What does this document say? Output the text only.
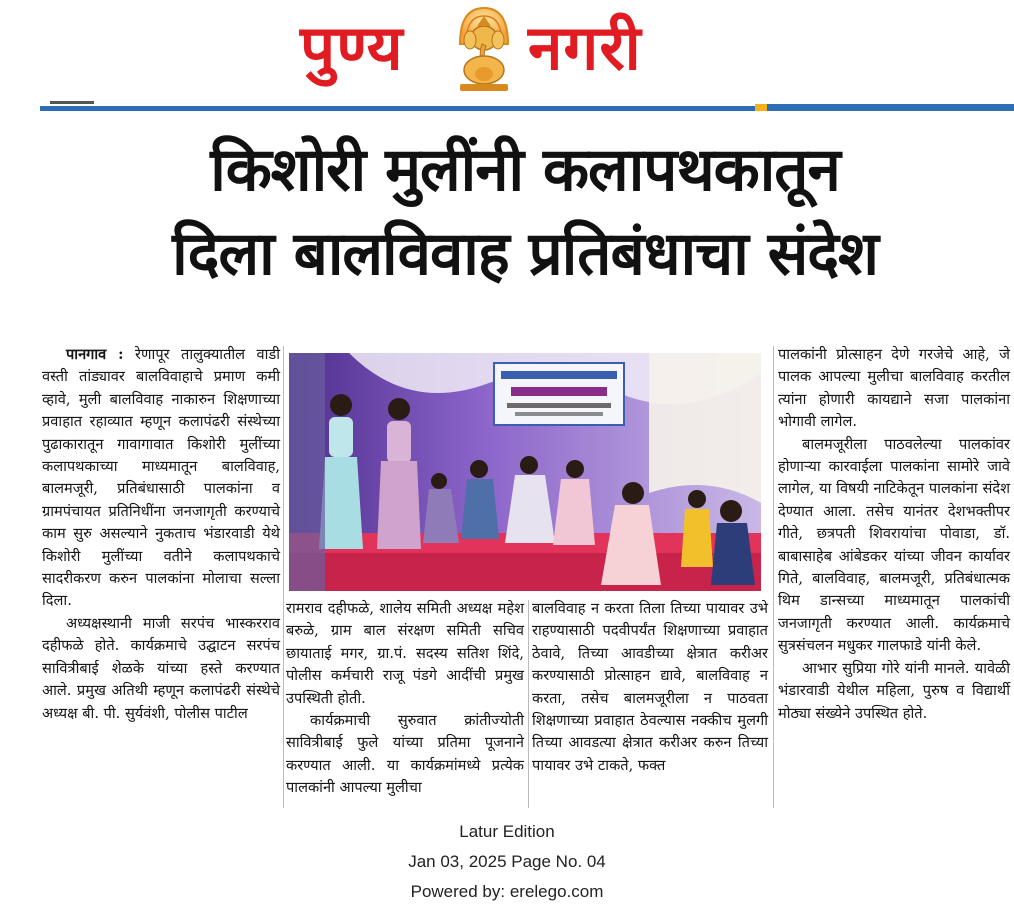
पुण्य नगरी
किशोरी मुलींनी कलापथकातून
दिला बालविवाह प्रतिबंधाचा संदेश

पानगाव : रेणापूर तालुक्यातील वाडी वस्ती तांड्यावर बालविवाहाचे प्रमाण कमी व्हावे, मुली बालविवाह नाकारुन शिक्षणाच्या प्रवाहात रहाव्यात म्हणून कलापंढरी संस्थेच्या पुढाकारातून गावागावात किशोरी मुलींच्या कलापथकाच्या माध्यमातून बालविवाह, बालमजूरी, प्रतिबंधासाठी पालकांना व ग्रामपंचायत प्रतिनिधींना जनजागृती करण्याचे काम सुरु असल्याने नुकताच भंडारवाडी येथे किशोरी मुलींच्या वतीने कलापथकाचे सादरीकरण करुन पालकांना मोलाचा सल्ला दिला.

अध्यक्षस्थानी माजी सरपंच भास्करराव दहीफळे होते. कार्यक्रमाचे उद्घाटन सरपंच सावित्रीबाई शेळके यांच्या हस्ते करण्यात आले. प्रमुख अतिथी म्हणून कलापंढरी संस्थेचे अध्यक्ष बी. पी. सुर्यवंशी, पोलीस पाटील

रामराव दहीफळे, शालेय समिती अध्यक्ष महेश बरुळे, ग्राम बाल संरक्षण समिती सचिव छायाताई मगर, ग्रा.पं. सदस्य सतिश शिंदे, पोलीस कर्मचारी राजू पंडगे आदींची प्रमुख उपस्थिती होती.

कार्यक्रमाची सुरुवात क्रांतीज्योती सावित्रीबाई फुले यांच्या प्रतिमा पूजनाने करण्यात आली. या कार्यक्रमांमध्ये प्रत्येक पालकांनी आपल्या मुलीचा

बालविवाह न करता तिला तिच्या पायावर उभे राहण्यासाठी पदवीपर्यंत शिक्षणाच्या प्रवाहात ठेवावे, तिच्या आवडीच्या क्षेत्रात करीअर करण्यासाठी प्रोत्साहन द्यावे, बालविवाह न करता, तसेच बालमजूरीला न पाठवता शिक्षणाच्या प्रवाहात ठेवल्यास नक्कीच मुलगी तिच्या आवडत्या क्षेत्रात करीअर करुन तिच्या पायावर उभे टाकते, फक्त

पालकांनी प्रोत्साहन देणे गरजेचे आहे, जे पालक आपल्या मुलीचा बालविवाह करतील त्यांना होणारी कायद्याने सजा पालकांना भोगावी लागेल.

बालमजूरीला पाठवलेल्या पालकांवर होणाऱ्या कारवाईला पालकांना सामोरे जावे लागेल, या विषयी नाटिकेतून पालकांना संदेश देण्यात आला. तसेच यानंतर देशभक्तीपर गीते, छत्रपती शिवरायांचा पोवाडा, डॉ. बाबासाहेब आंबेडकर यांच्या जीवन कार्यावर गिते, बालविवाह, बालमजूरी, प्रतिबंधात्मक थिम डान्सच्या माध्यमातून पालकांची जनजागृती करण्यात आली. कार्यक्रमाचे सुत्रसंचलन मधुकर गालफाडे यांनी केले.

आभार सुप्रिया गोरे यांनी मानले. यावेळी भंडारवाडी येथील महिला, पुरुष व विद्यार्थी मोठ्या संख्येने उपस्थित होते.

Latur Edition
Jan 03, 2025 Page No. 04
Powered by: erelego.com
